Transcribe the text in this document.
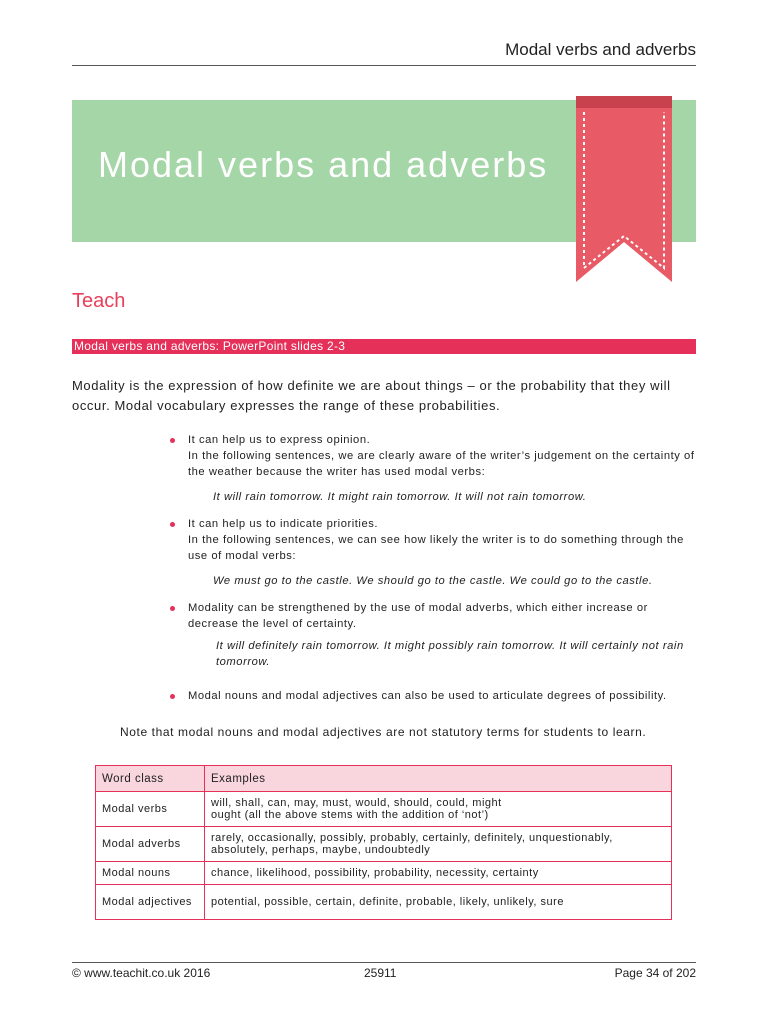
Modal verbs and adverbs
Modal verbs and adverbs
Teach
Modal verbs and adverbs: PowerPoint slides 2-3
Modality is the expression of how definite we are about things – or the probability that they will occur. Modal vocabulary expresses the range of these probabilities.
It can help us to express opinion.
In the following sentences, we are clearly aware of the writer’s judgement on the certainty of the weather because the writer has used modal verbs:
It will rain tomorrow. It might rain tomorrow. It will not rain tomorrow.
It can help us to indicate priorities.
In the following sentences, we can see how likely the writer is to do something through the use of modal verbs:
We must go to the castle. We should go to the castle. We could go to the castle.
Modality can be strengthened by the use of modal adverbs, which either increase or decrease the level of certainty.
It will definitely rain tomorrow. It might possibly rain tomorrow. It will certainly not rain tomorrow.
Modal nouns and modal adjectives can also be used to articulate degrees of possibility.
Note that modal nouns and modal adjectives are not statutory terms for students to learn.
Word class	Examples
Modal verbs	will, shall, can, may, must, would, should, could, might
ought (all the above stems with the addition of ‘not’)

Modal adverbs	rarely, occasionally, possibly, probably, certainly, definitely, unquestionably, absolutely, perhaps, maybe, undoubtedly
Modal nouns	chance, likelihood, possibility, probability, necessity, certainty
Modal adjectives	potential, possible, certain, definite, probable, likely, unlikely, sure
© www.teachit.co.uk 2016	25911	Page 34 of 202
